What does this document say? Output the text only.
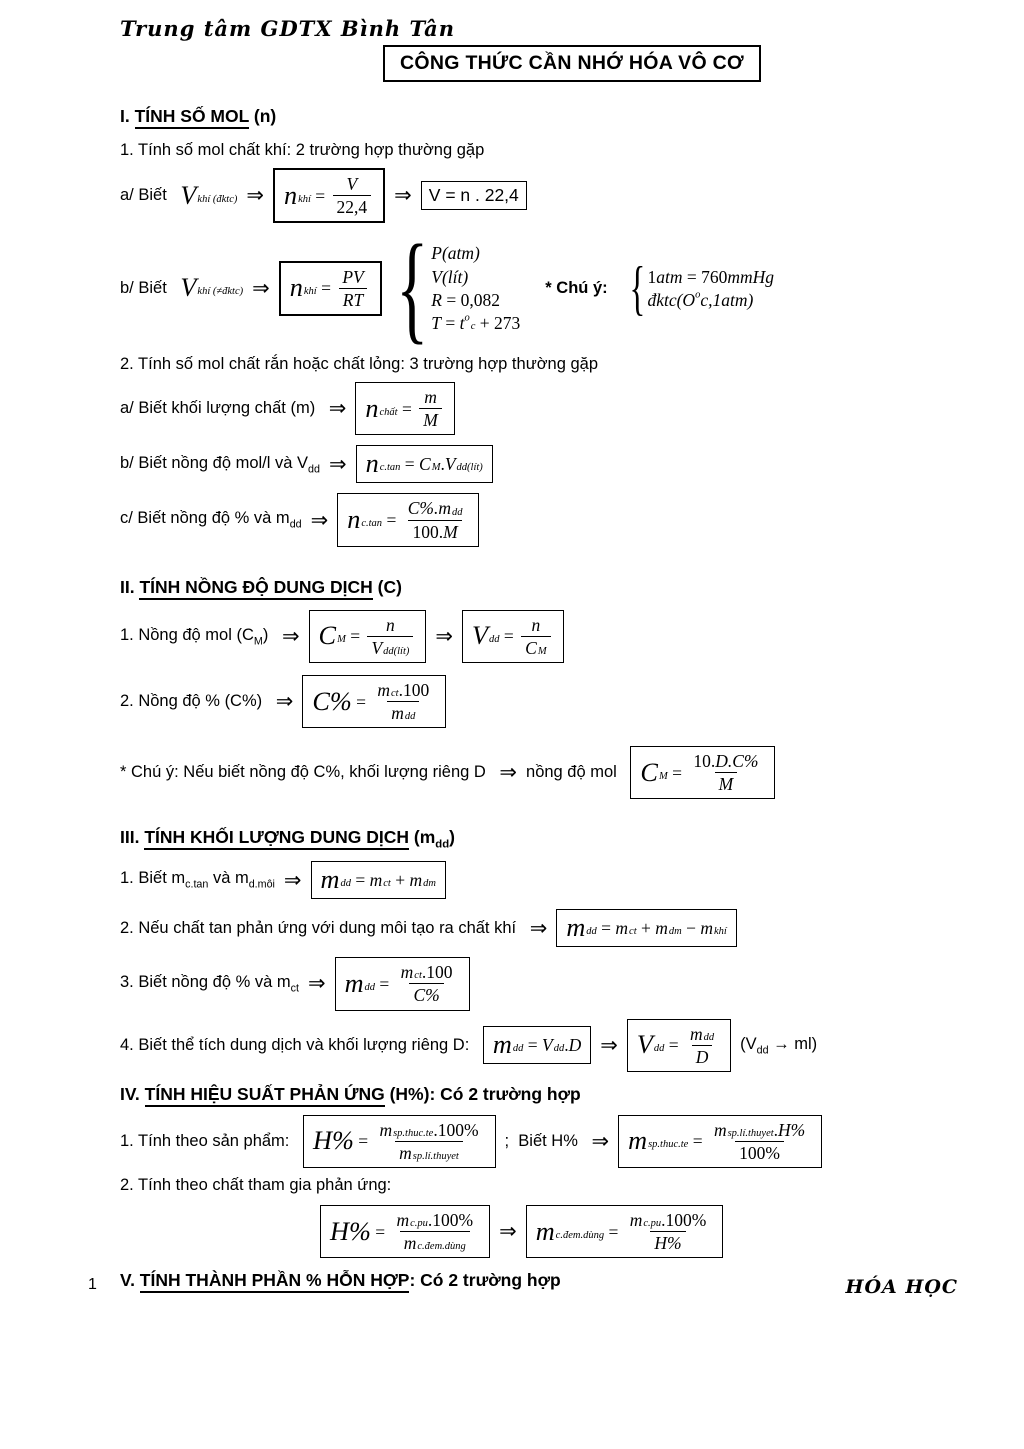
Trung tâm GDTX Bình Tân
CÔNG THỨC CẦN NHỚ HÓA VÔ CƠ
I. TÍNH SỐ MOL (n)
1. Tính số mol chất khí: 2 trường hợp thường gặp
a/ Biết V khí (đktc) ⇒ n khí = $\frac{V}{22,4}$ ⇒ V = n . 22,4
b/ Biết V khí (≠đktc) ⇒ n khí = $\frac{PV}{RT}$ { P(atm)
V(lít)
R = 0,082
T = t o
c + 273
* Chú ý: { 1 atm = 760 mmHg
đktc(O o c,1atm)
2. Tính số mol chất rắn hoặc chất lỏng: 3 trường hợp thường gặp
a/ Biết khối lượng chất (m) ⇒ n chất = $\frac{m}{M}$
b/ Biết nồng độ mol/l và $V_{dd}$ ⇒ n c.tan = C M . V dd(lít)
c/ Biết nồng độ % và $m_{dd}$ ⇒ n $c.\tan = \frac{\text{C\%.m dd}}{100. M}$
II. TÍNH NỒNG ĐỘ DUNG DỊCH (C)
1. Nồng độ mol $(C_M)$ ⇒ C $M = \frac{n}{\text{V dd(lít)}}$ ⇒ V dd = $\frac{n}{\text{C M}}$
2. Nồng độ % (C%) ⇒ $C\% = \frac{\text{m ct .100}}{\text{m dd}}$
* Chú ý: Nếu biết nồng độ C%, khối lượng riêng D ⇒ nồng độ mol C $M = \frac{10. D.C\%}{M}$
III. TÍNH KHỐI LƯỢNG DUNG DỊCH $(m_{dd})$
1. Biết $m_{c.tan}$ và $m_{d.môi}$ ⇒ m dd = m ct + m dm
2. Nếu chất tan phản ứng với dung môi tạo ra chất khí ⇒ m dd = m ct + m dm − m khí
3. Biết nồng độ % và $m_{ct}$ ⇒ m dd = $\frac{\text{m ct .100}}{C\%}$
4. Biết thể tích dung dịch và khối lượng riêng D: m dd = V dd . D ⇒ V dd = $\frac{\text{m dd}}{D} (V_{dd} \to ml)$
IV. TÍNH HIỆU SUẤT PHẢN ỨNG (H%): Có 2 trường hợp
1. Tính theo sản phẩm: $H\% = \frac{\text{m sp.thuc.te .100\%}}{\text{m sp.lí.thuyet}}$ ;  Biết H% ⇒ m sp.thuc.te = $\frac{\text{m sp.lí.thuyet . H\%}}{100\%}$
2. Tính theo chất tham gia phản ứng:
$H\% = \frac{\text{m c.pu .100\%}}{\text{m c.đem.dùng}}$ ⇒ m c.đem.dùng = $\frac{\text{m c.pu .100\%}}{H\%}$
V. TÍNH THÀNH PHẦN % HỖN HỢP: Có 2 trường hợp
1	HÓA HỌC
